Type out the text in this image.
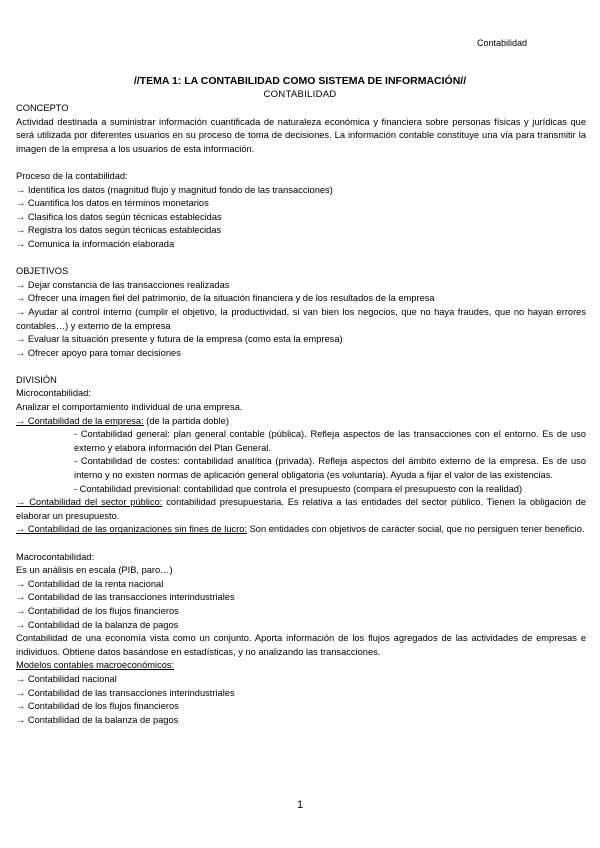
Contabilidad
//TEMA 1: LA CONTABILIDAD COMO SISTEMA DE INFORMACIÓN//
CONTABILIDAD

CONCEPTO

Actividad destinada a suministrar información cuantificada de naturaleza económica y financiera sobre personas físicas y jurídicas que será utilizada por diferentes usuarios en su proceso de toma de decisiones. La información contable constituye una vía para transmitir la imagen de la empresa a los usuarios de esta información.

Proceso de la contabilidad:

→ Identifica los datos (magnitud flujo y magnitud fondo de las transacciones)

→ Cuantifica los datos en términos monetarios

→ Clasifica los datos según técnicas establecidas

→ Registra los datos según técnicas establecidas

→ Comunica la información elaborada

OBJETIVOS

→ Dejar constancia de las transacciones realizadas

→ Ofrecer una imagen fiel del patrimonio, de la situación financiera y de los resultados de la empresa

→ Ayudar al control interno (cumplir el objetivo, la productividad, si van bien los negocios, que no haya fraudes, que no hayan errores contables…) y externo de la empresa

→ Evaluar la situación presente y futura de la empresa (como esta la empresa)

→ Ofrecer apoyo para tomar decisiones

DIVISIÓN

Microcontabilidad:

Analizar el comportamiento individual de una empresa.

→ Contabilidad de la empresa: (de la partida doble)

- Contabilidad general: plan general contable (pública). Refleja aspectos de las transacciones con el entorno. Es de uso externo y elabora información del Plan General.

- Contabilidad de costes: contabilidad analítica (privada). Refleja aspectos del ámbito externo de la empresa. Es de uso interno y no existen normas de aplicación general obligatoria (es voluntaria). Ayuda a fijar el valor de las existencias.

- Contabilidad previsional: contabilidad que controla el presupuesto (compara el presupuesto con la realidad)

→ Contabilidad del sector público: contabilidad presupuestaria. Es relativa a las entidades del sector público. Tienen la obligación de elaborar un presupuesto.

→ Contabilidad de las organizaciones sin fines de lucro: Son entidades con objetivos de carácter social, que no persiguen tener beneficio.

Macrocontabilidad:

Es un análisis en escala (PIB, paro…)

→ Contabilidad de la renta nacional

→ Contabilidad de las transacciones interindustriales

→ Contabilidad de los flujos financieros

→ Contabilidad de la balanza de pagos

Contabilidad de una economía vista como un conjunto. Aporta información de los flujos agregados de las actividades de empresas e individuos. Obtiene datos basándose en estadísticas, y no analizando las transacciones.

Modelos contables macroeconómicos:

→ Contabilidad nacional

→ Contabilidad de las transacciones interindustriales

→ Contabilidad de los flujos financieros

→ Contabilidad de la balanza de pagos

1
